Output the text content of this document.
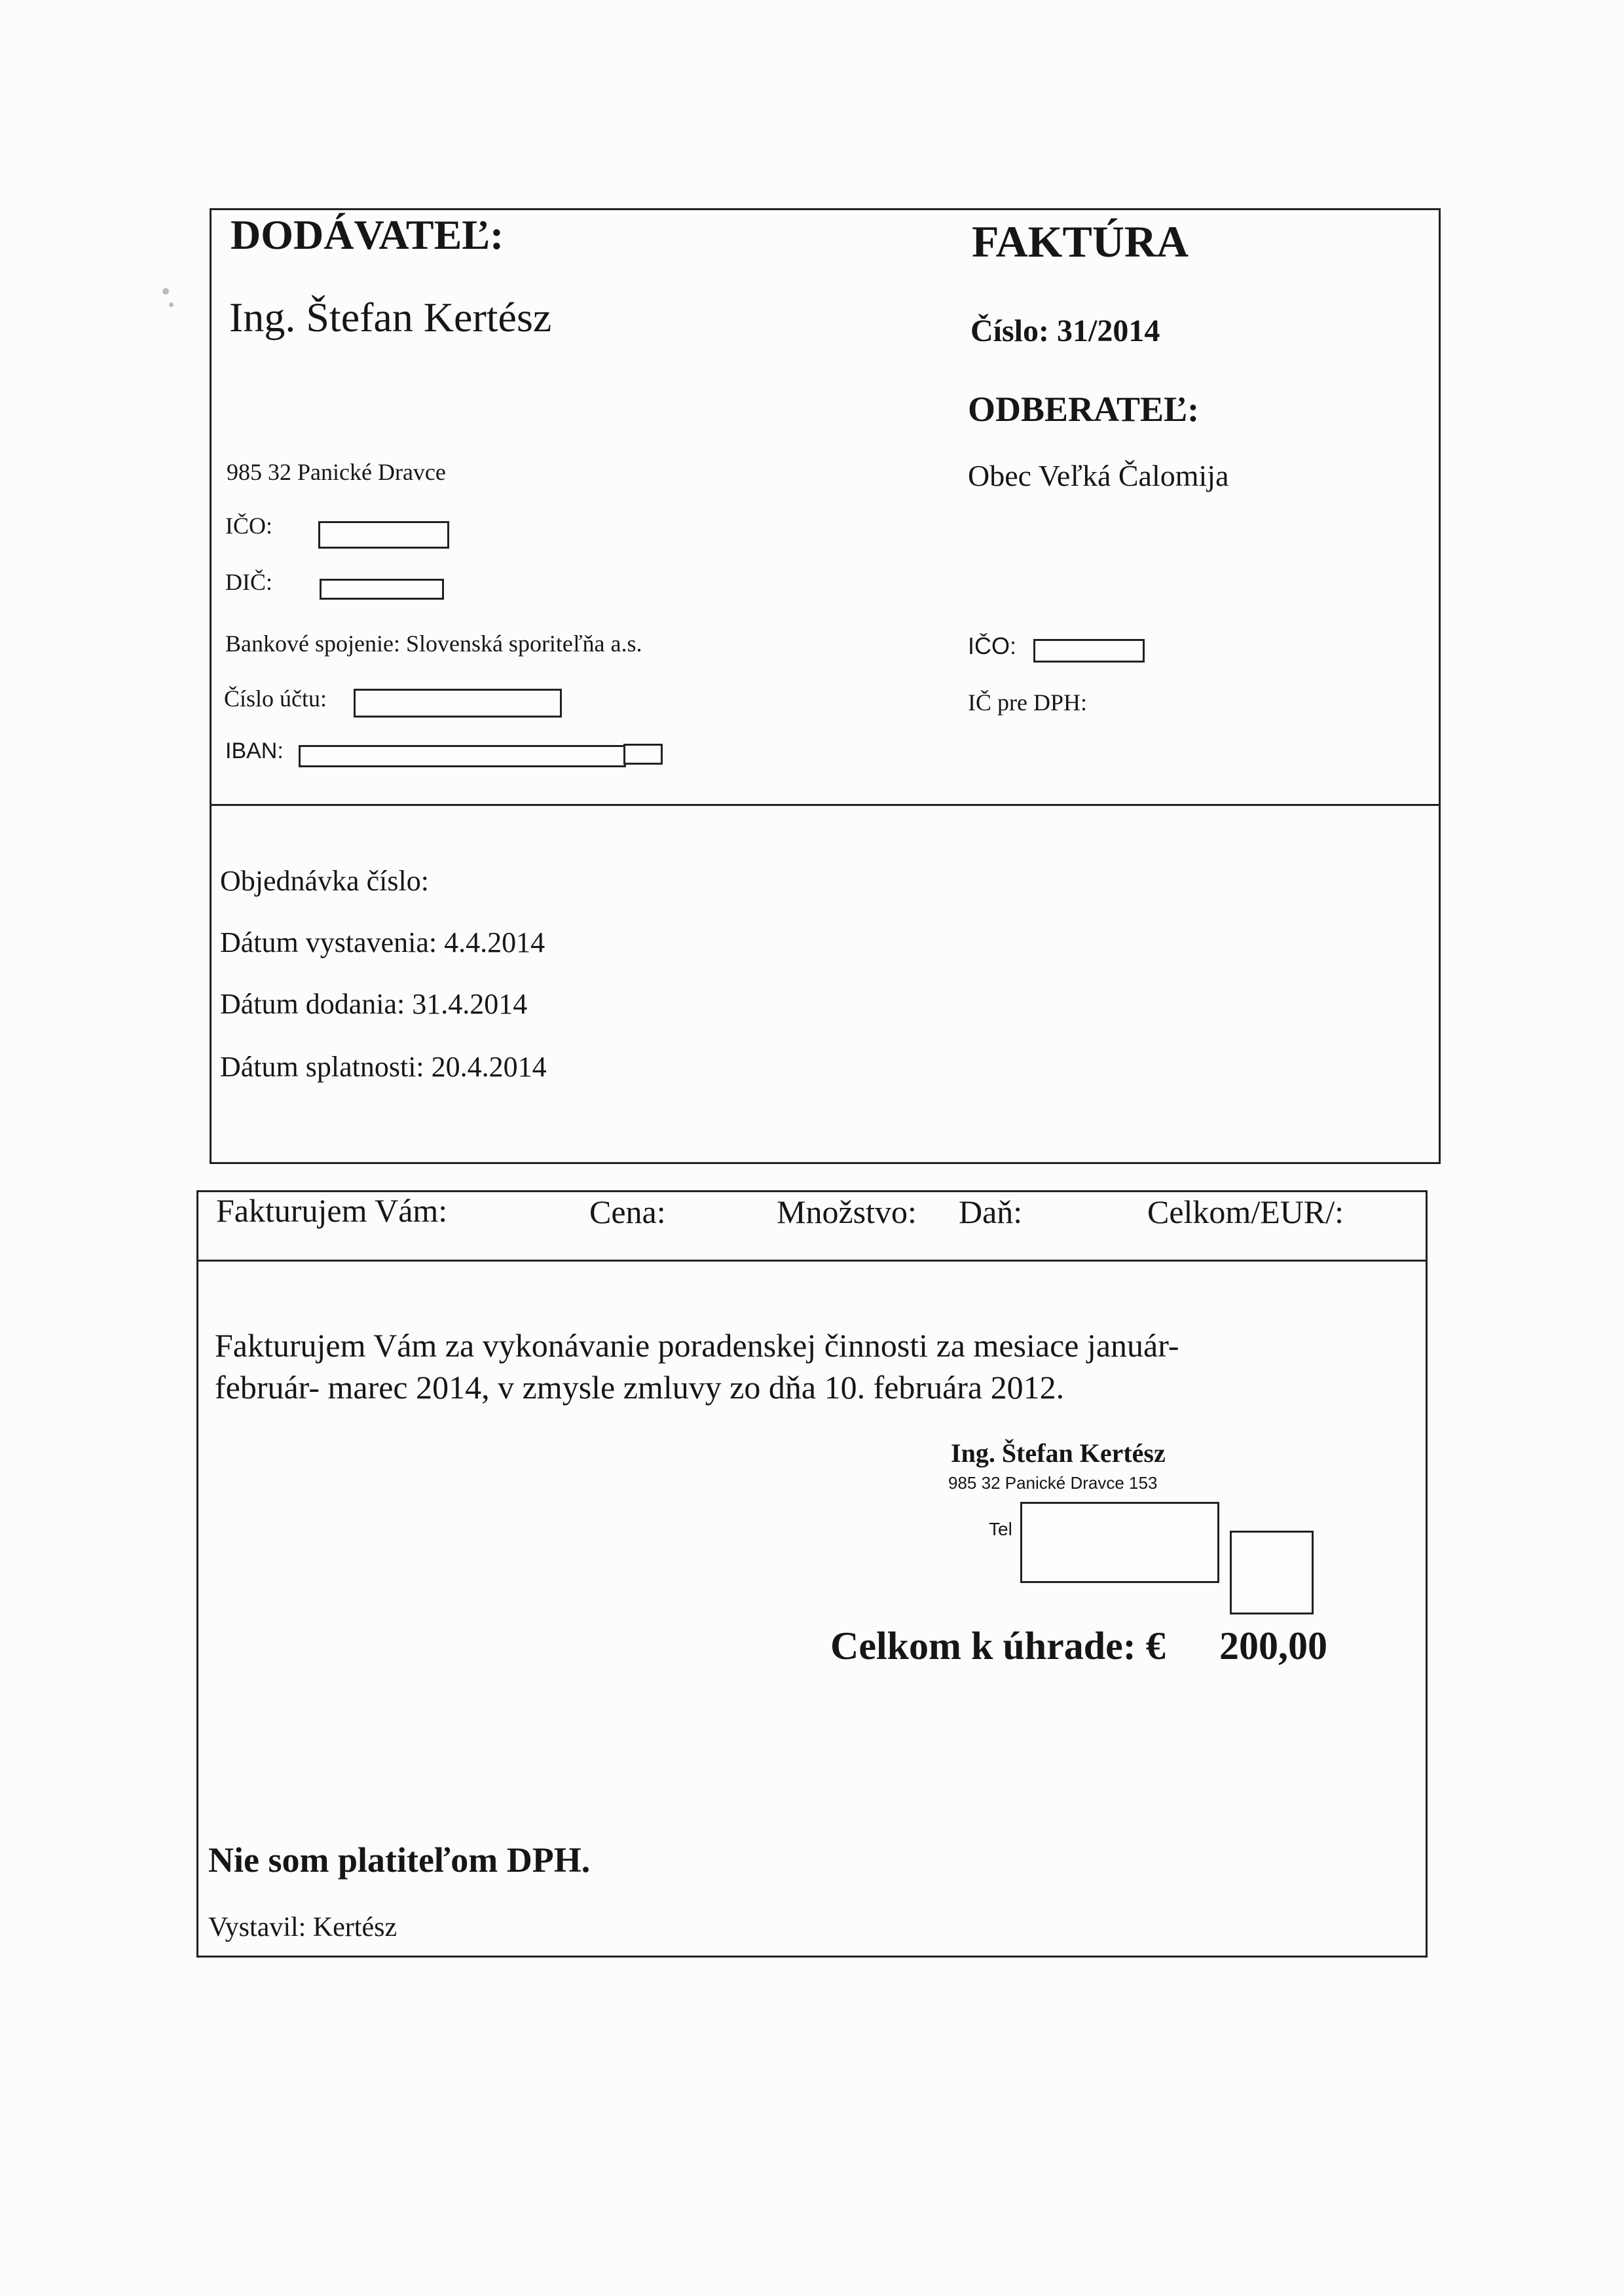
DODÁVATEĽ:
Ing. Štefan Kertész
985 32 Panické Dravce
IČO:
DIČ:
Bankové spojenie: Slovenská sporiteľňa a.s.
Číslo účtu:
IBAN:
FAKTÚRA
Číslo: 31/2014
ODBERATEĽ:
Obec Veľká Čalomija
IČO:
IČ pre DPH:
Objednávka číslo:
Dátum vystavenia: 4.4.2014
Dátum dodania: 31.4.2014
Dátum splatnosti: 20.4.2014
Fakturujem Vám:	Cena:	Množstvo: Daň:	Celkom/EUR/:
Fakturujem Vám za vykonávanie poradenskej činnosti za mesiace január-
február- marec 2014, v zmysle zmluvy zo dňa 10. februára 2012.
Ing. Štefan Kertész
985 32 Panické Dravce 153
Tel
Celkom k úhrade: € 200,00
Nie som platiteľom DPH.
Vystavil: Kertész
